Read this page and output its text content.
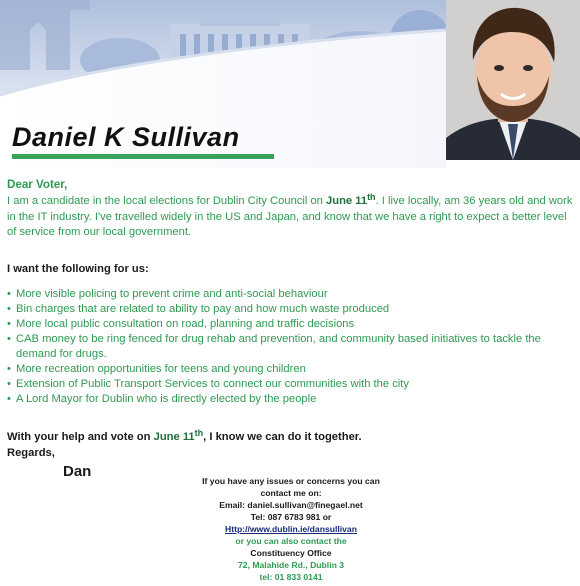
Daniel K Sullivan
Dear Voter,
I am a candidate in the local elections for Dublin City Council on June 11th. I live locally, am 36 years old and work in the IT industry. I've travelled widely in the US and Japan, and know that we have a right to expect a better level of service from our local government.
I want the following for us:
• More visible policing to prevent crime and anti-social behaviour
• Bin charges that are related to ability to pay and how much waste produced
• More local public consultation on road, planning and traffic decisions
• CAB money to be ring fenced for drug rehab and prevention, and community based initiatives to tackle the demand for drugs.
• More recreation opportunities for teens and young children
• Extension of Public Transport Services to connect our communities with the city
• A Lord Mayor for Dublin who is directly elected by the people
With your help and vote on June 11th, I know we can do it together.
Regards,
Dan
If you have any issues or concerns you can
contact me on:
Email: daniel.sullivan@finegael.net
Tel: 087 6783 981 or
Http://www.dublin.ie/dansullivan
or you can also contact the
Constituency Office
72, Malahide Rd., Dublin 3
tel: 01 833 0141
